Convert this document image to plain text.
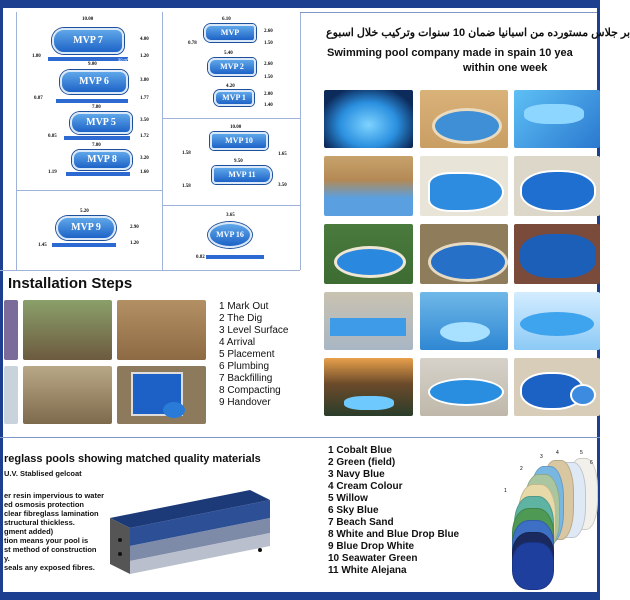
MVP 7
10.00
4.00
1.80	1.20
30 m³
MVP 6
9.00
3.80
0.87	1.77
MVP 5
7.80
3.50
0.85	1.72
MVP 8
7.80
3.20
1.19	1.60
MVP 9
5.20
2.90
1.45	1.20
MVP
6.10
2.60
0.78	1.50
MVP 2
5.40
2.60
1.50
MVP 1
4.20
2.00
1.40
MVP 10
10.00
1.65
1.58
MVP 11
9.50
3.50
1.58
MVP 16
3.65
0.82
بر جلاس مستورده من اسبانيا ضمان 10 سنوات وتركيب خلال اسبوع
Swimming pool company made in spain 10 yea
within one week
Installation Steps
1 Mark Out
2 The Dig
3 Level Surface
4 Arrival
5 Placement
6 Plumbing
7 Backfilling
8 Compacting
9 Handover
reglass pools showing matched quality materials
U.V. Stablised gelcoat
er resin impervious to water
ed osmosis protection
clear fibreglass lamination
structural thickless.
gment added)
tion means your pool is
st method of construction
y.
seals any exposed fibres.
1 Cobalt Blue
2 Green (field)
3 Navy Blue
4 Cream Colour
5 Willow
6 Sky Blue
7 Beach Sand
8 White and Blue Drop Blue
9 Blue Drop White
10 Seawater Green
11 White Alejana
1
2
3
4	5
6
